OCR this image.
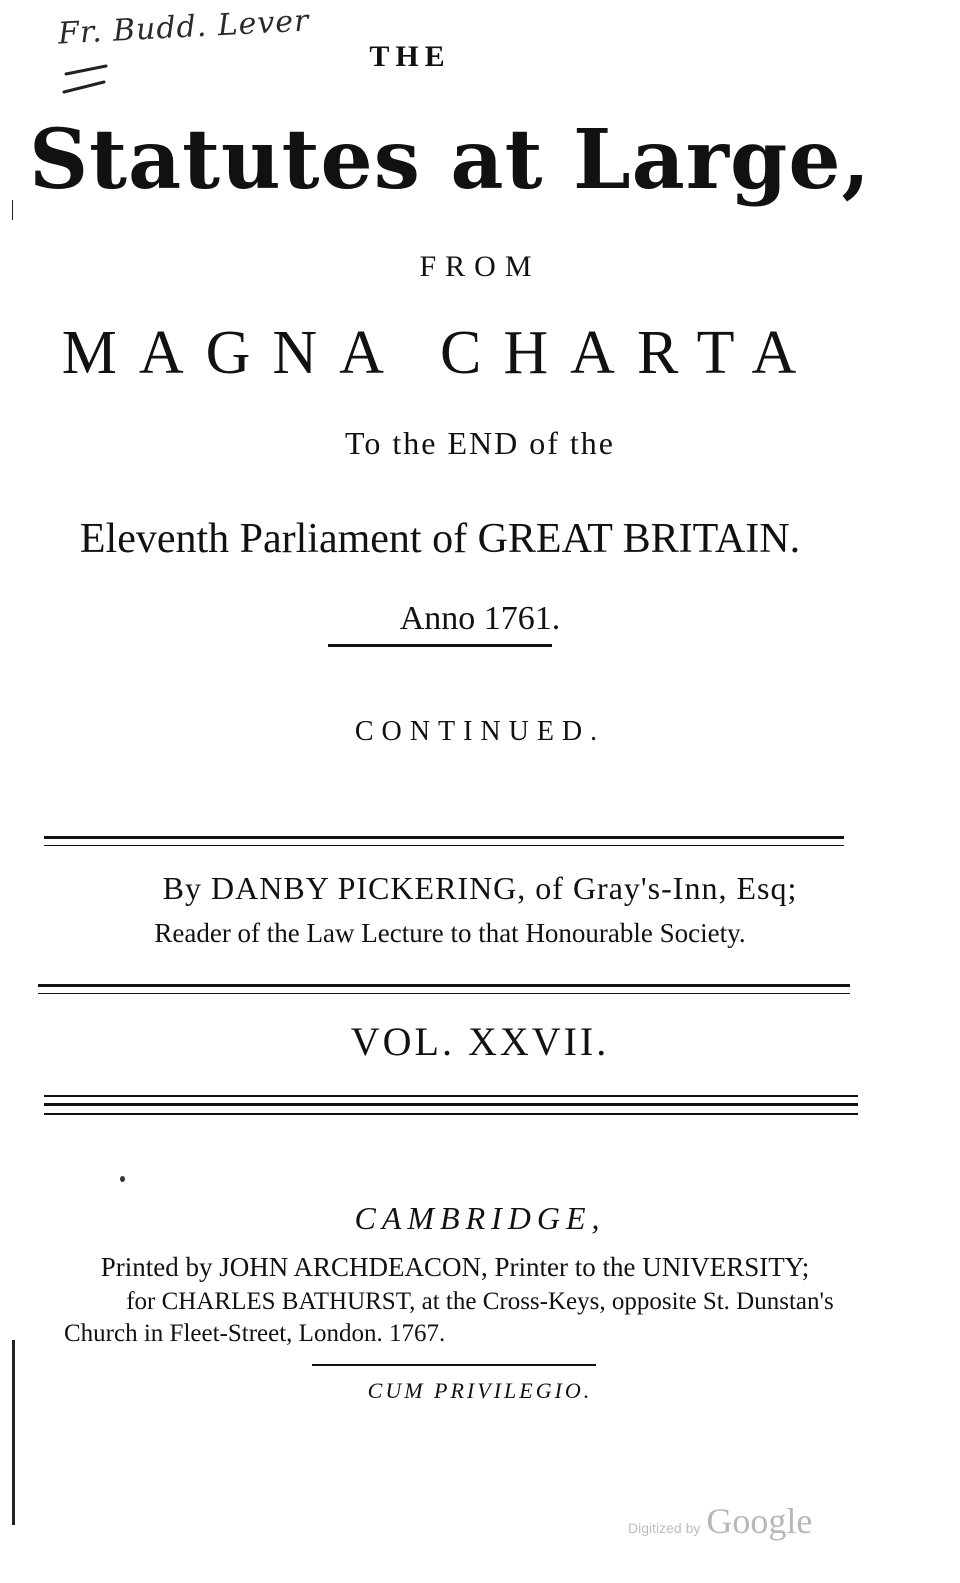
Fr. Budd. Lever
THE
Statutes at Large,
FROM
MAGNA CHARTA
To the END of the
Eleventh Parliament of GREAT BRITAIN.
Anno 1761.
CONTINUED.
By DANBY PICKERING, of Gray's-Inn, Esq;
Reader of the Law Lecture to that Honourable Society.
VOL. XXVII.
CAMBRIDGE,
Printed by JOHN ARCHDEACON, Printer to the UNIVERSITY;
for CHARLES BATHURST, at the Cross-Keys, opposite St. Dunstan's
Church in Fleet-Street, London. 1767.
CUM PRIVILEGIO.
Digitized by Google
